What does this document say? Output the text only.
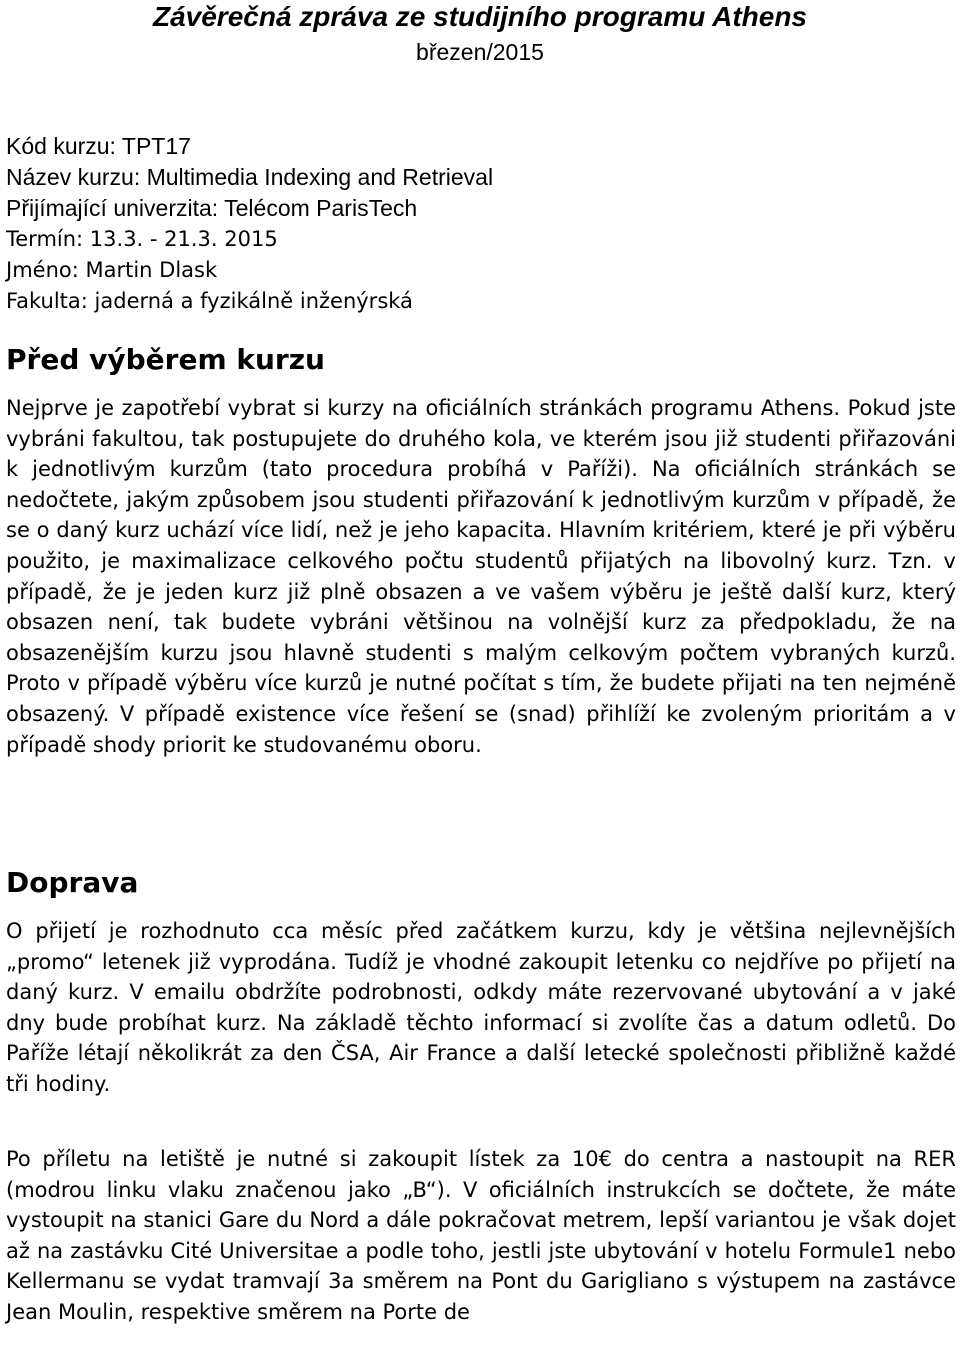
Závěrečná zpráva ze studijního programu Athens
březen/2015
Kód kurzu: TPT17
Název kurzu: Multimedia Indexing and Retrieval
Přijímající univerzita: Telécom ParisTech
Termín: 13.3. - 21.3. 2015
Jméno: Martin Dlask
Fakulta: jaderná a fyzikálně inženýrská
Před výběrem kurzu
Nejprve je zapotřebí vybrat si kurzy na oficiálních stránkách programu Athens. Pokud jste vybráni fakultou, tak postupujete do druhého kola, ve kterém jsou již studenti přiřazováni k jednotlivým kurzům (tato procedura probíhá v Paříži). Na oficiálních stránkách se nedočtete, jakým způsobem jsou studenti přiřazování k jednotlivým kurzům v případě, že se o daný kurz uchází více lidí, než je jeho kapacita. Hlavním kritériem, které je při výběru použito, je maximalizace celkového počtu studentů přijatých na libovolný kurz. Tzn. v případě, že je jeden kurz již plně obsazen a ve vašem výběru je ještě další kurz, který obsazen není, tak budete vybráni většinou na volnější kurz za předpokladu, že na obsazenějším kurzu jsou hlavně studenti s malým celkovým počtem vybraných kurzů. Proto v případě výběru více kurzů je nutné počítat s tím, že budete přijati na ten nejméně obsazený. V případě existence více řešení se (snad) přihlíží ke zvoleným prioritám a v případě shody priorit ke studovanému oboru.
Doprava
O přijetí je rozhodnuto cca měsíc před začátkem kurzu, kdy je většina nejlevnějších „promo“ letenek již vyprodána. Tudíž je vhodné zakoupit letenku co nejdříve po přijetí na daný kurz. V emailu obdržíte podrobnosti, odkdy máte rezervované ubytování a v jaké dny bude probíhat kurz. Na základě těchto informací si zvolíte čas a datum odletů. Do Paříže létají několikrát za den ČSA, Air France a další letecké společnosti přibližně každé tři hodiny.
Po příletu na letiště je nutné si zakoupit lístek za 10€ do centra a nastoupit na RER (modrou linku vlaku značenou jako „B“). V oficiálních instrukcích se dočtete, že máte vystoupit na stanici Gare du Nord a dále pokračovat metrem, lepší variantou je však dojet až na zastávku Cité Universitae a podle toho, jestli jste ubytování v hotelu Formule1 nebo Kellermanu se vydat tramvají 3a směrem na Pont du Garigliano s výstupem na zastávce Jean Moulin, respektive směrem na Porte de
